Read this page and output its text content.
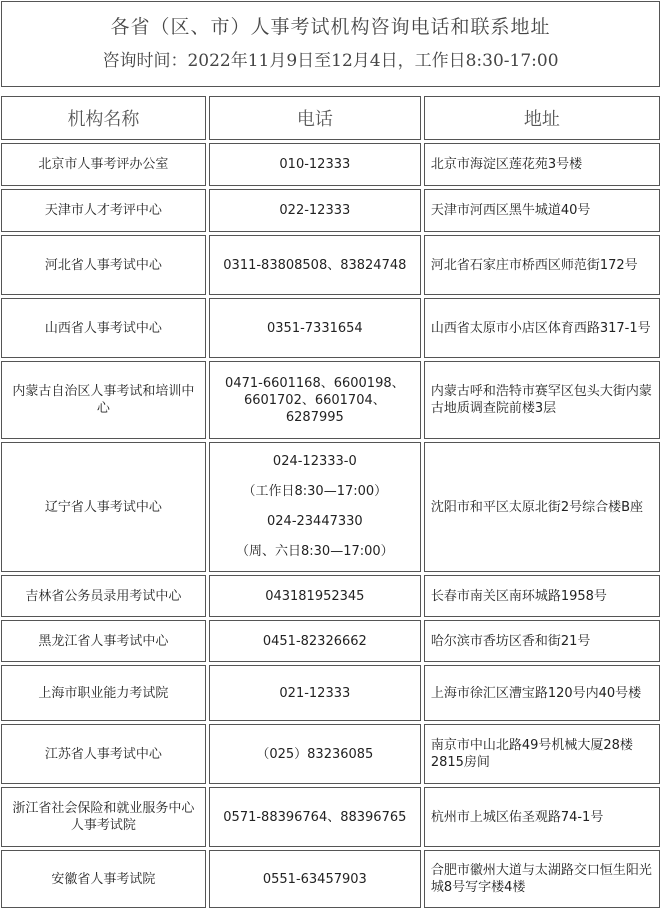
各省（区、市）人事考试机构咨询电话和联系地址
咨询时间：2022年11月9日至12月4日，工作日8:30-17:00
机构名称	电话	地址
北京市人事考评办公室	010-12333	北京市海淀区莲花苑3号楼
天津市人才考评中心	022-12333	天津市河西区黑牛城道40号
河北省人事考试中心	0311-83808508、83824748	河北省石家庄市桥西区师范街172号
山西省人事考试中心	0351-7331654	山西省太原市小店区体育西路317-1号
内蒙古自治区人事考试和培训中心	0471-6601168、6600198、6601702、6601704、6287995	内蒙古呼和浩特市赛罕区包头大街内蒙古地质调查院前楼3层
辽宁省人事考试中心	024-12333-0

（工作日8:30—17:00）

024-23447330

（周、六日8:30—17:00）	沈阳市和平区太原北街2号综合楼B座
吉林省公务员录用考试中心	043181952345	长春市南关区南环城路1958号
黑龙江省人事考试中心	0451-82326662	哈尔滨市香坊区香和街21号
上海市职业能力考试院	021-12333	上海市徐汇区漕宝路120号内40号楼
江苏省人事考试中心	（025）83236085	南京市中山北路49号机械大厦28楼2815房间
浙江省社会保险和就业服务中心人事考试院	0571-88396764、88396765	杭州市上城区佑圣观路74-1号
安徽省人事考试院	0551-63457903	合肥市徽州大道与太湖路交口恒生阳光城8号写字楼4楼
